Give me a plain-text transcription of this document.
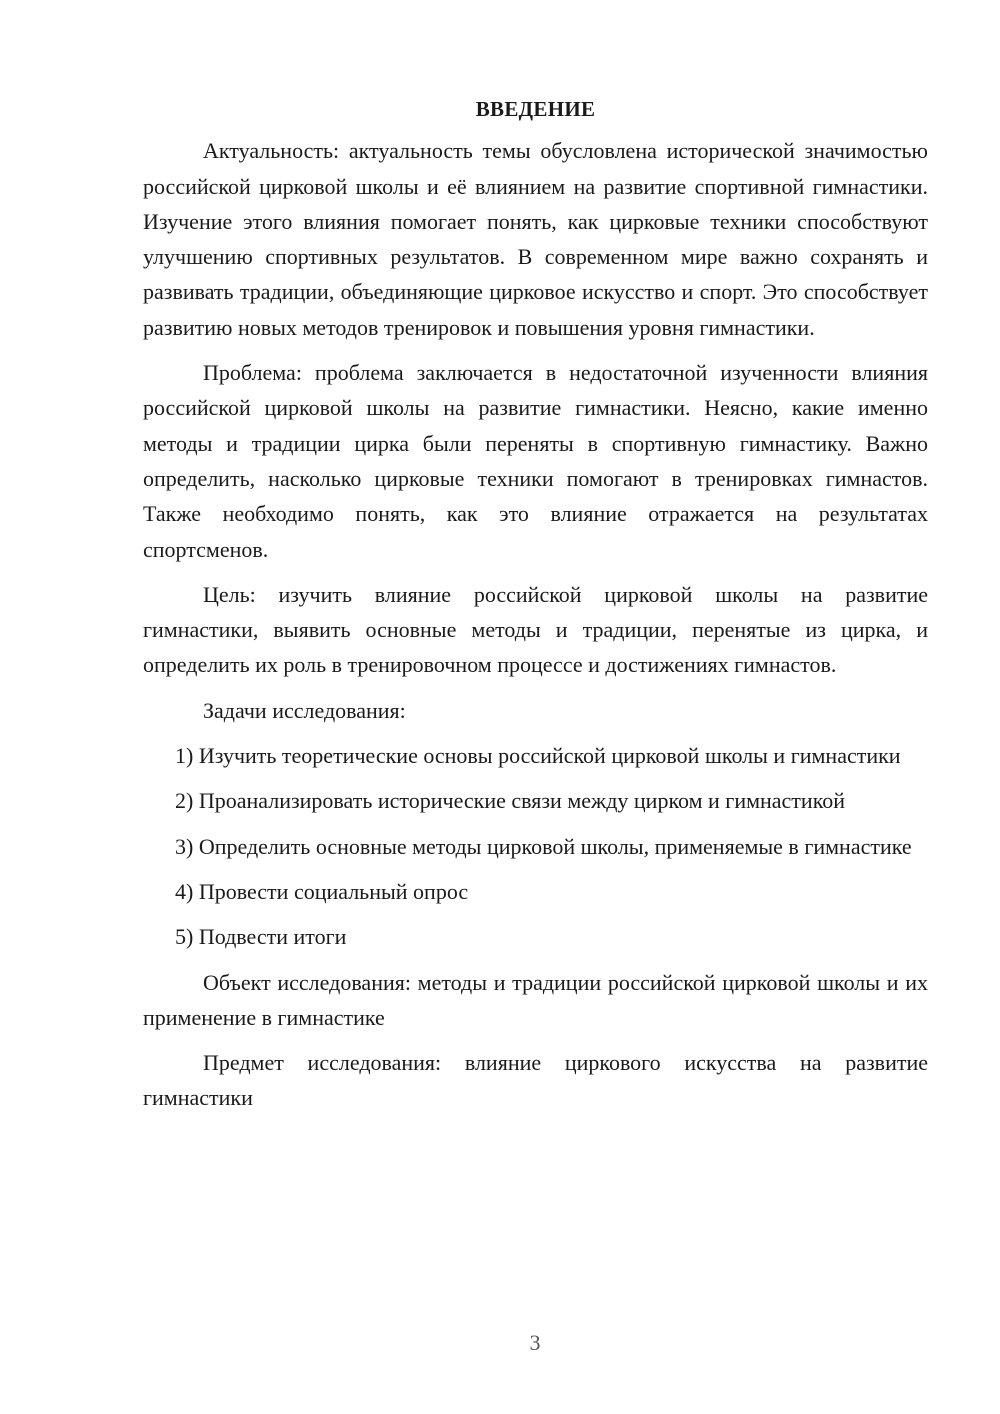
ВВЕДЕНИЕ

Актуальность: актуальность темы обусловлена исторической значимостью российской цирковой школы и её влиянием на развитие спортивной гимнастики. Изучение этого влияния помогает понять, как цирковые техники способствуют улучшению спортивных результатов. В современном мире важно сохранять и развивать традиции, объединяющие цирковое искусство и спорт. Это способствует развитию новых методов тренировок и повышения уровня гимнастики.

Проблема: проблема заключается в недостаточной изученности влияния российской цирковой школы на развитие гимнастики. Неясно, какие именно методы и традиции цирка были переняты в спортивную гимнастику. Важно определить, насколько цирковые техники помогают в тренировках гимнастов. Также необходимо понять, как это влияние отражается на результатах спортсменов.

Цель: изучить влияние российской цирковой школы на развитие гимнастики, выявить основные методы и традиции, перенятые из цирка, и определить их роль в тренировочном процессе и достижениях гимнастов.

Задачи исследования:

1) Изучить теоретические основы российской цирковой школы и гимнастики

2) Проанализировать исторические связи между цирком и гимнастикой

3) Определить основные методы цирковой школы, применяемые в гимнастике

4) Провести социальный опрос

5) Подвести итоги

Объект исследования: методы и традиции российской цирковой школы и их применение в гимнастике

Предмет исследования: влияние циркового искусства на развитие гимнастики

3
